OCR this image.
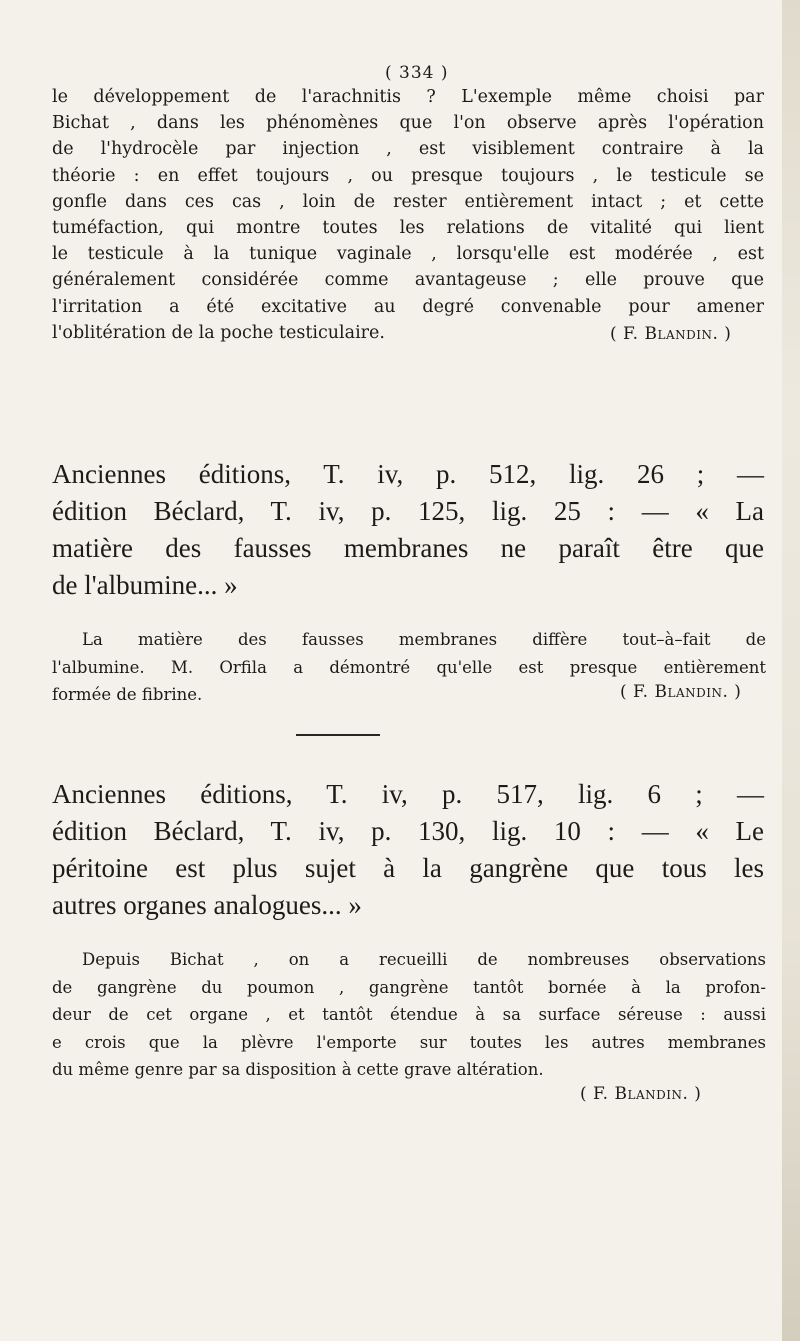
( 334 )
le développement de l'arachnitis ? L'exemple même choisi par
Bichat , dans les phénomènes que l'on observe après l'opération
de l'hydrocèle par injection , est visiblement contraire à la
théorie : en effet toujours , ou presque toujours , le testicule se
gonfle dans ces cas , loin de rester entièrement intact ; et cette
tuméfaction, qui montre toutes les relations de vitalité qui lient
le testicule à la tunique vaginale , lorsqu'elle est modérée , est
généralement considérée comme avantageuse ; elle prouve que
l'irritation a été excitative au degré convenable pour amener
l'oblitération de la poche testiculaire.	( F. Blandin. )
Anciennes éditions, T. iv, p. 512, lig. 26 ; —
édition Béclard, T. iv, p. 125, lig. 25 : — « La
matière des fausses membranes ne paraît être que
de l'albumine... »
La matière des fausses membranes diffère tout–à–fait de
l'albumine. M. Orfila a démontré qu'elle est presque entièrement
formée de fibrine.	( F. Blandin. )
Anciennes éditions, T. iv, p. 517, lig. 6 ; —
édition Béclard, T. iv, p. 130, lig. 10 : — « Le
péritoine est plus sujet à la gangrène que tous les
autres organes analogues... »
Depuis Bichat , on a recueilli de nombreuses observations
de gangrène du poumon , gangrène tantôt bornée à la profon-
deur de cet organe , et tantôt étendue à sa surface séreuse : aussi
e crois que la plèvre l'emporte sur toutes les autres membranes
du même genre par sa disposition à cette grave altération.
( F. Blandin. )
